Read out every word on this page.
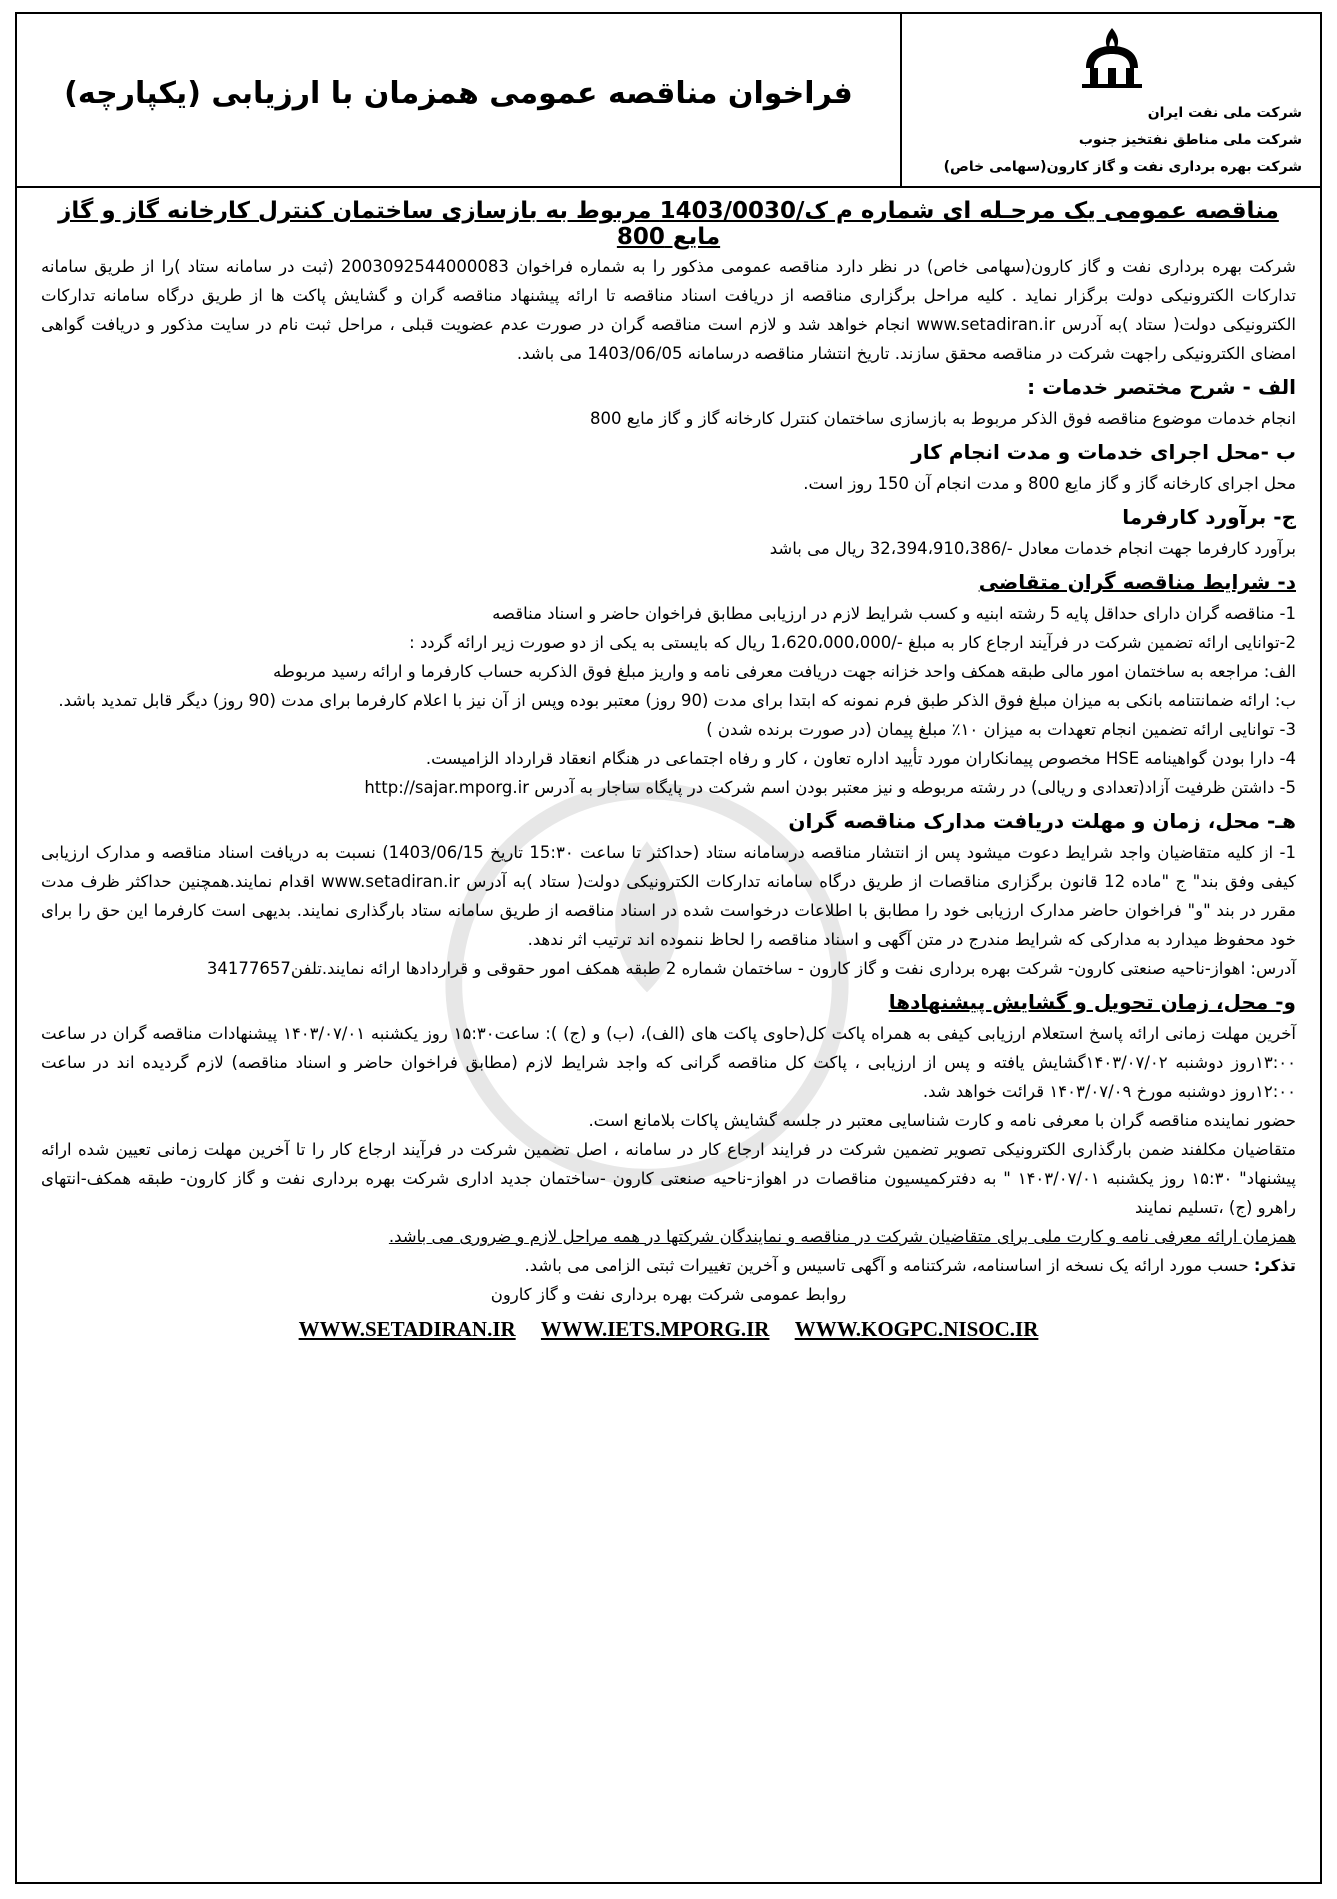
شرکت ملی نفت ایران
شرکت ملی مناطق نفتخیز جنوب
شرکت بهره برداری نفت و گاز کارون(سهامی خاص)
فراخوان مناقصه عمومی همزمان با ارزیابی (یکپارچه)
مناقصه عمومی یک مرحـله ای شماره م ک/1403/0030 مربوط به بازسازی ساختمان کنترل کارخانه گاز و گاز مایع 800

شرکت بهره برداری نفت و گاز کارون(سهامی خاص) در نظر دارد مناقصه عمومی مذکور را به شماره فراخوان 2003092544000083 (ثبت در سامانه ستاد )را از طریق سامانه تدارکات الکترونیکی دولت برگزار نماید . کلیه مراحل برگزاری مناقصه از دریافت اسناد مناقصه تا ارائه پیشنهاد مناقصه گران و گشایش پاکت ها از طریق درگاه سامانه تدارکات الکترونیکی دولت( ستاد )به آدرس www.setadiran.ir انجام خواهد شد و لازم است مناقصه گران در صورت عدم عضویت قبلی ، مراحل ثبت نام در سایت مذکور و دریافت گواهی امضای الکترونیکی راجهت شرکت در مناقصه محقق سازند. تاریخ انتشار مناقصه درسامانه 1403/06/05 می باشد.

الف - شرح مختصر خدمات :

انجام خدمات موضوع مناقصه فوق الذکر مربوط به بازسازی ساختمان کنترل کارخانه گاز و گاز مایع 800

ب -محل اجرای خدمات و مدت انجام کار

محل اجرای کارخانه گاز و گاز مایع 800 و مدت انجام آن 150 روز است.

ج- برآورد کارفرما

برآورد کارفرما جهت انجام خدمات معادل -/32،394،910،386 ریال می باشد

د- شرایط مناقصه گران متقاضی

1- مناقصه گران دارای حداقل پایه 5 رشته ابنیه و کسب شرایط لازم در ارزیابی مطابق فراخوان حاضر و اسناد مناقصه

2-توانایی ارائه تضمین شرکت در فرآیند ارجاع کار به مبلغ -/1،620،000،000 ریال که بایستی به یکی از دو صورت زیر ارائه گردد :

الف: مراجعه به ساختمان امور مالی طبقه همکف واحد خزانه جهت دریافت معرفی نامه و واریز مبلغ فوق الذکربه حساب کارفرما و ارائه رسید مربوطه

ب: ارائه ضمانتنامه بانکی به میزان مبلغ فوق الذکر طبق فرم نمونه که ابتدا برای مدت (90 روز) معتبر بوده وپس از آن نیز با اعلام کارفرما برای مدت (90 روز) دیگر قابل تمدید باشد.

3- توانایی ارائه تضمین انجام تعهدات به میزان ۱۰٪ مبلغ پیمان (در صورت برنده شدن )

4- دارا بودن گواهینامه HSE مخصوص پیمانکاران مورد تأیید اداره تعاون ، کار و رفاه اجتماعی در هنگام انعقاد قرارداد الزامیست.

5- داشتن ظرفیت آزاد(تعدادی و ریالی) در رشته مربوطه و نیز معتبر بودن اسم شرکت در پایگاه ساجار به آدرس http://sajar.mporg.ir

هـ- محل، زمان و مهلت دریافت مدارک مناقصه گران

1- از کلیه متقاضیان واجد شرایط دعوت میشود پس از انتشار مناقصه درسامانه ستاد (حداکثر تا ساعت 15:۳۰ تاریخ 1403/06/15) نسبت به دریافت اسناد مناقصه و مدارک ارزیابی کیفی وفق بند" ج "ماده 12 قانون برگزاری مناقصات از طریق درگاه سامانه تدارکات الکترونیکی دولت( ستاد )به آدرس www.setadiran.ir اقدام نمایند.همچنین حداکثر ظرف مدت مقرر در بند "و" فراخوان حاضر مدارک ارزیابی خود را مطابق با اطلاعات درخواست شده در اسناد مناقصه از طریق سامانه ستاد بارگذاری نمایند. بدیهی است کارفرما این حق را برای خود محفوظ میدارد به مدارکی که شرایط مندرج در متن آگهی و اسناد مناقصه را لحاظ ننموده اند ترتیب اثر ندهد.

آدرس: اهواز-ناحیه صنعتی کارون- شرکت بهره برداری نفت و گاز کارون - ساختمان شماره 2 طبقه همکف امور حقوقی و قراردادها ارائه نمایند.تلفن34177657

و- محل، زمان تحویل و گشایش پیشنهادها

آخرین مهلت زمانی ارائه پاسخ استعلام ارزیابی کیفی به همراه پاکت کل(حاوی پاکت های (الف)، (ب) و (ج) ): ساعت۱۵:۳۰ روز یکشنبه ۱۴۰۳/۰۷/۰۱ پیشنهادات مناقصه گران در ساعت ۱۳:۰۰روز دوشنبه ۱۴۰۳/۰۷/۰۲گشایش یافته و پس از ارزیابی ، پاکت کل مناقصه گرانی که واجد شرایط لازم (مطابق فراخوان حاضر و اسناد مناقصه) لازم گردیده اند در ساعت ۱۲:۰۰روز دوشنبه مورخ ۱۴۰۳/۰۷/۰۹ قرائت خواهد شد.

حضور نماینده مناقصه گران با معرفی نامه و کارت شناسایی معتبر در جلسه گشایش پاکات بلامانع است.

متقاضیان مکلفند ضمن بارگذاری الکترونیکی تصویر تضمین شرکت در فرایند ارجاع کار در سامانه ، اصل تضمین شرکت در فرآیند ارجاع کار را تا آخرین مهلت زمانی تعیین شده ارائه پیشنهاد" ۱۵:۳۰ روز یکشنبه ۱۴۰۳/۰۷/۰۱ " به دفترکمیسیون مناقصات در اهواز-ناحیه صنعتی کارون -ساختمان جدید اداری شرکت بهره برداری نفت و گاز کارون- طبقه همکف-انتهای راهرو (ج) ،تسلیم نمایند

همزمان ارائه معرفی نامه و کارت ملی برای متقاضیان شرکت در مناقصه و نمایندگان شرکتها در همه مراحل لازم و ضروری می باشد.

تذکر: حسب مورد ارائه یک نسخه از اساسنامه، شرکتنامه و آگهی تاسیس و آخرین تغییرات ثبتی الزامی می باشد.

روابط عمومی شرکت بهره برداری نفت و گاز کارون
WWW.KOGPC.NISOC.IR WWW.IETS.MPORG.IR WWW.SETADIRAN.IR
